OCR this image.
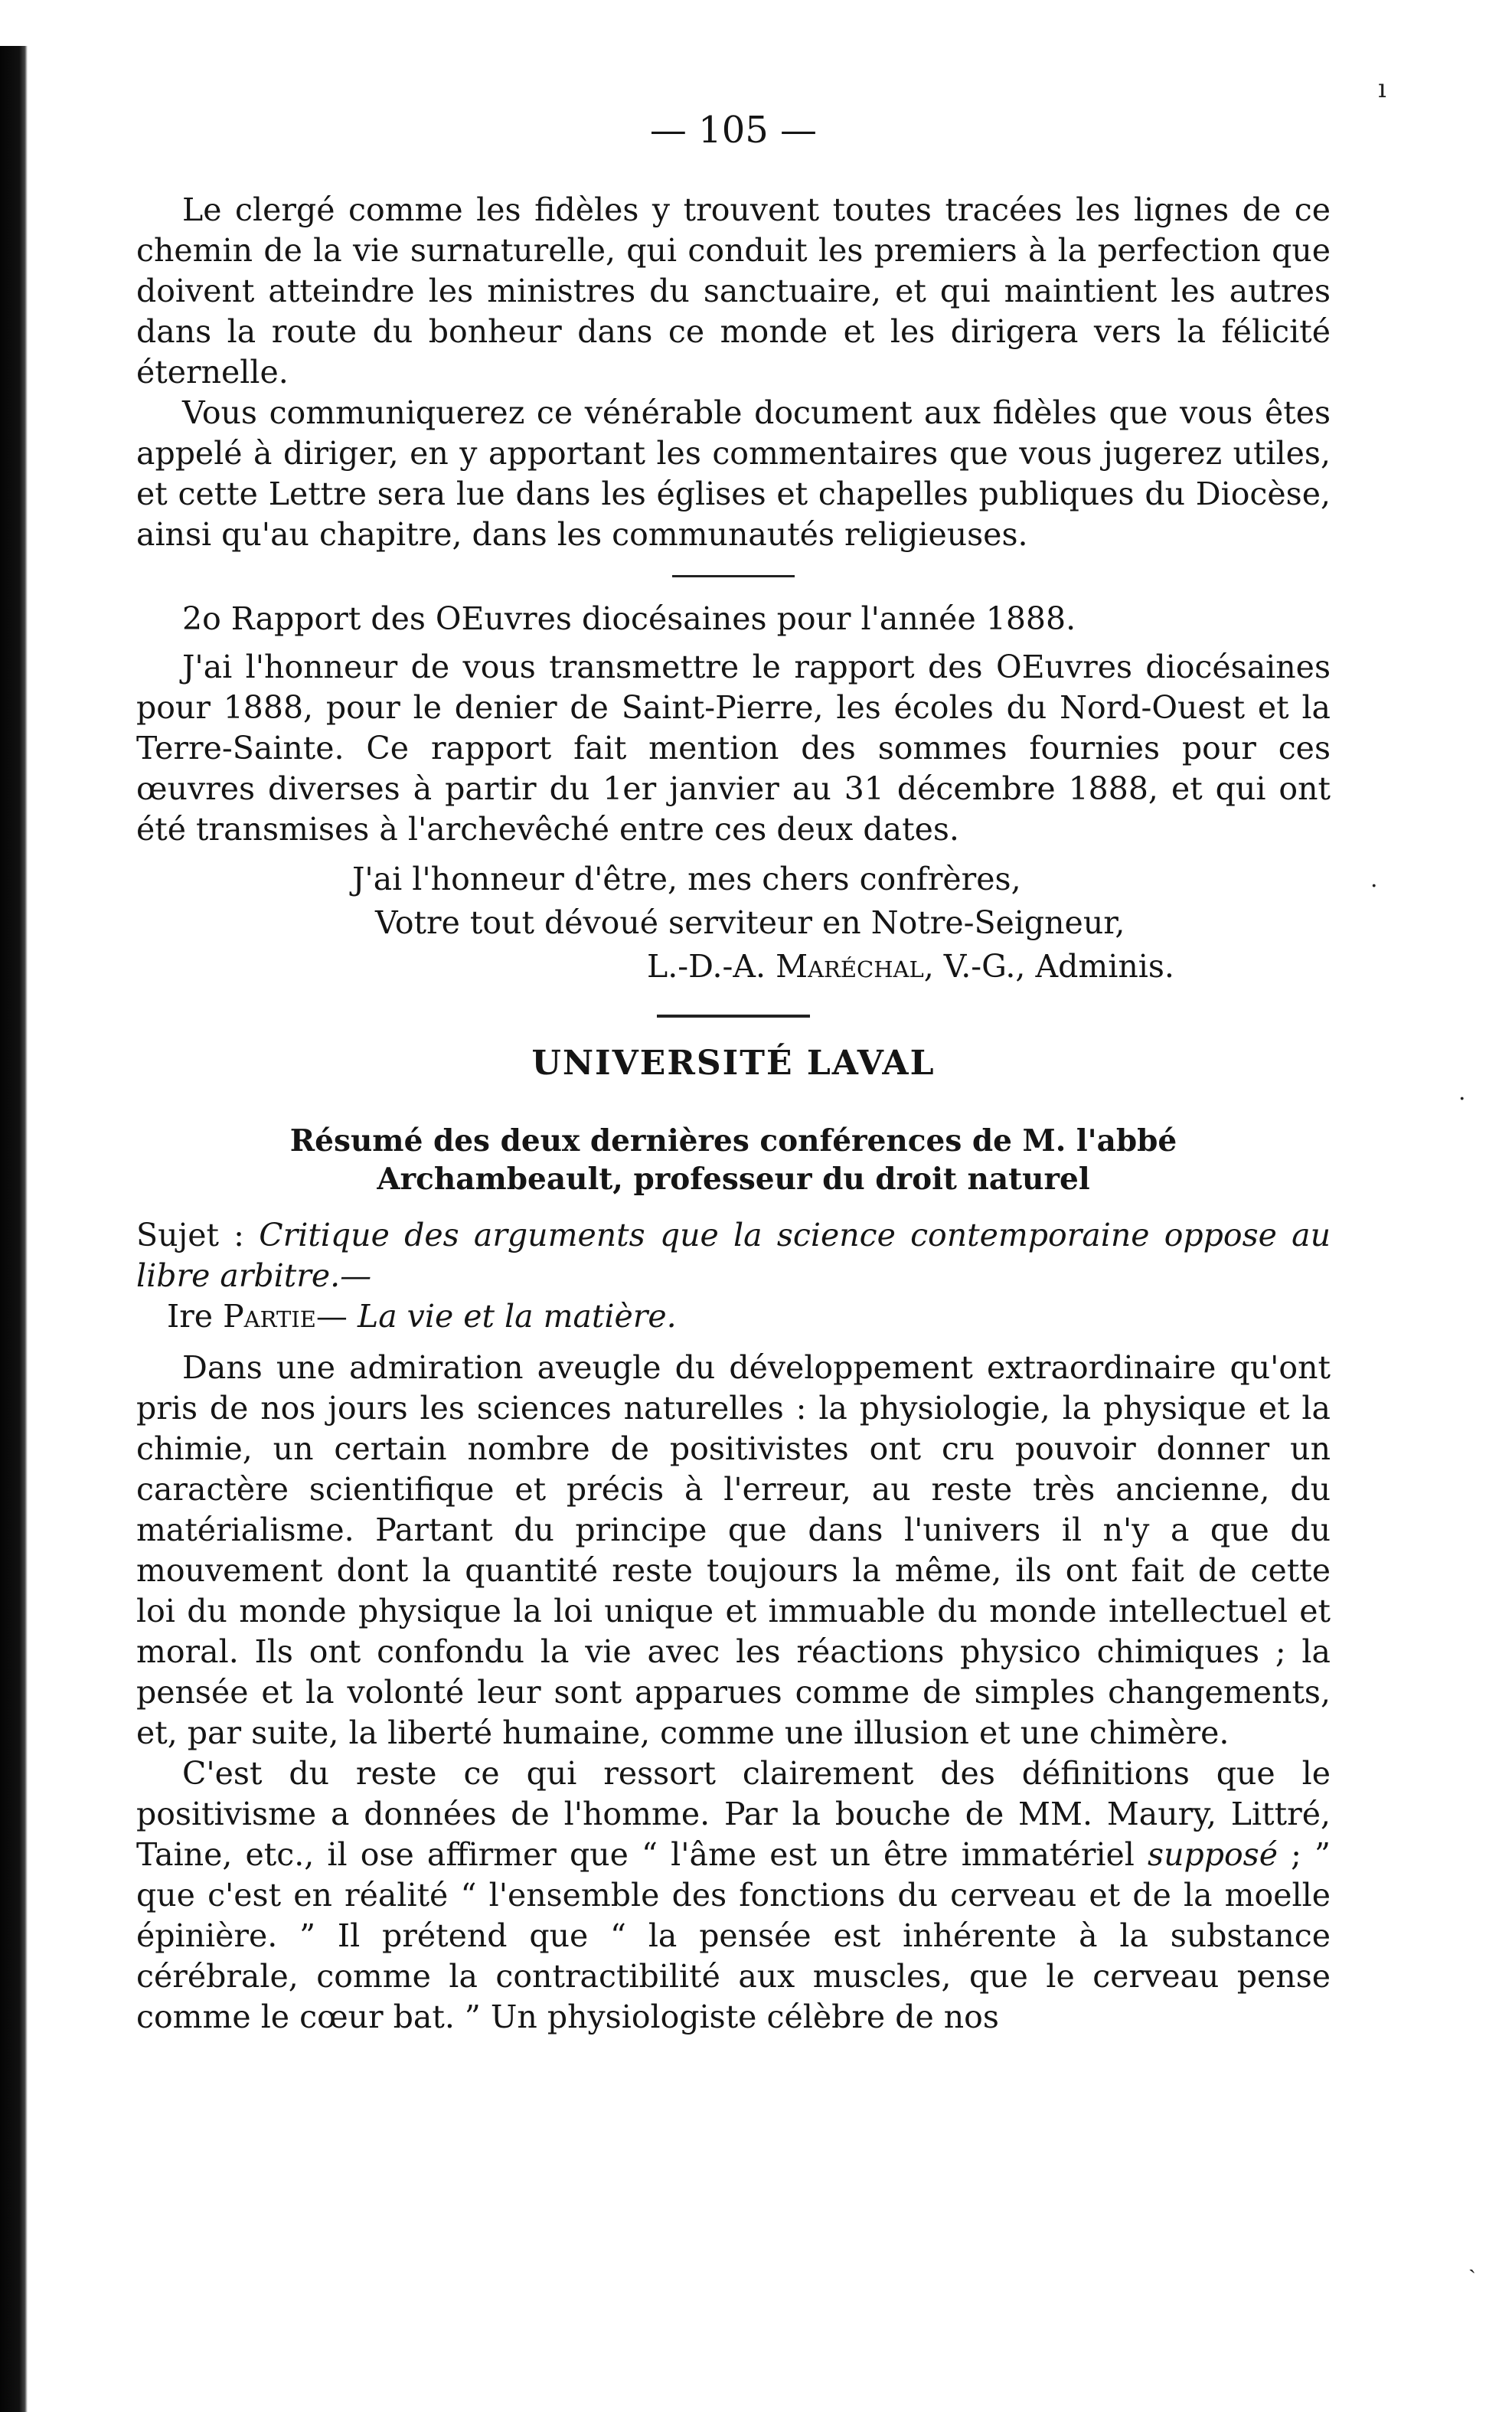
ı
·
·
ˎ
— 105 —

Le clergé comme les fidèles y trouvent toutes tracées les lignes de ce chemin de la vie surnaturelle, qui conduit les premiers à la perfection que doivent atteindre les ministres du sanctuaire, et qui maintient les autres dans la route du bonheur dans ce monde et les dirigera vers la félicité éternelle.

Vous communiquerez ce vénérable document aux fidèles que vous êtes appelé à diriger, en y apportant les commentaires que vous jugerez utiles, et cette Lettre sera lue dans les églises et chapelles publiques du Diocèse, ainsi qu'au chapitre, dans les communautés religieuses.

2o Rapport des OEuvres diocésaines pour l'année 1888.

J'ai l'honneur de vous transmettre le rapport des OEuvres diocésaines pour 1888, pour le denier de Saint-Pierre, les écoles du Nord-Ouest et la Terre-Sainte. Ce rapport fait mention des sommes fournies pour ces œuvres diverses à partir du 1er janvier au 31 décembre 1888, et qui ont été transmises à l'archevêché entre ces deux dates.

J'ai l'honneur d'être, mes chers confrères,

Votre tout dévoué serviteur en Notre-Seigneur,

L.-D.-A. Maréchal, V.-G., Adminis.

UNIVERSITÉ LAVAL

Résumé des deux dernières conférences de M. l'abbé

Archambeault, professeur du droit naturel

Sujet : Critique des arguments que la science contemporaine oppose au libre arbitre.—

Ire Partie— La vie et la matière.

Dans une admiration aveugle du développement extraordinaire qu'ont pris de nos jours les sciences naturelles : la physiologie, la physique et la chimie, un certain nombre de positivistes ont cru pouvoir donner un caractère scientifique et précis à l'erreur, au reste très ancienne, du matérialisme. Partant du principe que dans l'univers il n'y a que du mouvement dont la quantité reste toujours la même, ils ont fait de cette loi du monde physique la loi unique et immuable du monde intellectuel et moral. Ils ont confondu la vie avec les réactions physico chimiques ; la pensée et la volonté leur sont apparues comme de simples changements, et, par suite, la liberté humaine, comme une illusion et une chimère.

C'est du reste ce qui ressort clairement des définitions que le positivisme a données de l'homme. Par la bouche de MM. Maury, Littré, Taine, etc., il ose affirmer que “ l'âme est un être immatériel supposé ; ” que c'est en réalité “ l'ensemble des fonctions du cerveau et de la moelle épinière. ” Il prétend que “ la pensée est inhérente à la substance cérébrale, comme la contractibilité aux muscles, que le cerveau pense comme le cœur bat. ” Un physiologiste célèbre de nos
